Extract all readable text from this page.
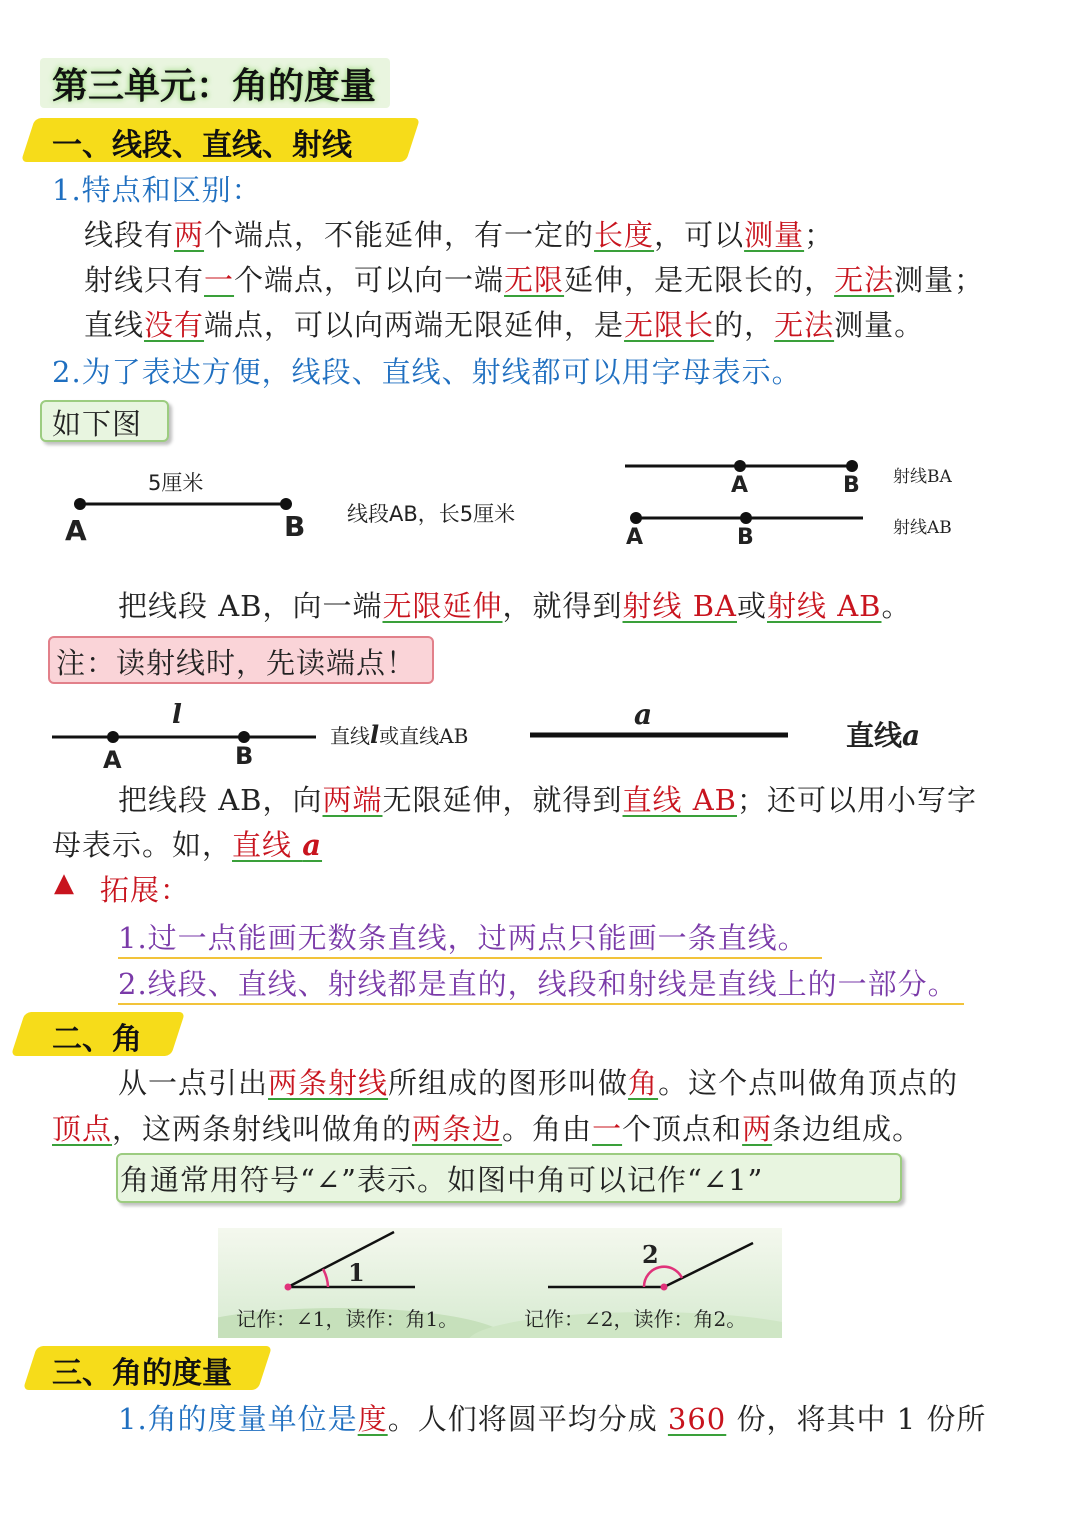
第三单元：角的度量
一、线段、直线、射线
1.特点和区别：
线段有两个端点，不能延伸，有一定的长度，可以测量；
射线只有一个端点，可以向一端无限延伸，是无限长的，无法测量；
直线没有端点，可以向两端无限延伸，是无限长的，无法测量。
2.为了表达方便，线段、直线、射线都可以用字母表示。
如下图
5厘米
A	B 线段AB，长5厘米
A	B 射线BA
A	B	射线AB
把线段 AB，向一端无限延伸，就得到射线 BA或射线 AB。
注：读射线时，先读端点！
l
A	B
直线l或直线AB
a
直线a
把线段 AB，向两端无限延伸，就得到直线 AB；还可以用小写字
母表示。如，直线 a
▲ 拓展：
1.过一点能画无数条直线，过两点只能画一条直线。
2.线段、直线、射线都是直的，线段和射线是直线上的一部分。
二、角
从一点引出两条射线所组成的图形叫做角。这个点叫做角顶点的
顶点，这两条射线叫做角的两条边。角由一个顶点和两条边组成。
角通常用符号“∠”表示。如图中角可以记作“∠1”
1
2
记作：∠1，读作：角1。	记作：∠2，读作：角2。
三、角的度量
1.角的度量单位是度。人们将圆平均分成 360 份，将其中 1 份所
